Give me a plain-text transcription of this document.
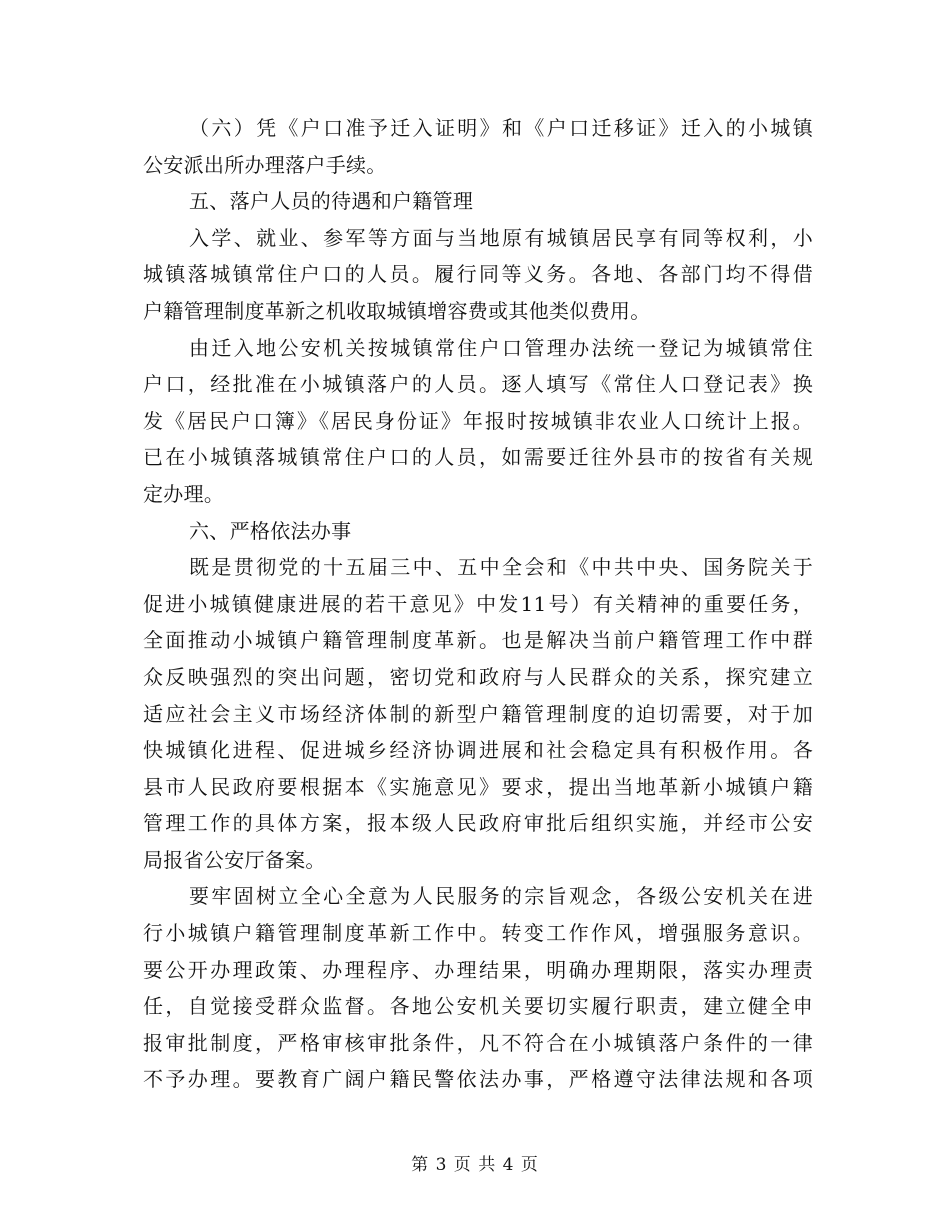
（六）凭《户口准予迁入证明》和《户口迁移证》迁入的小城镇
公安派出所办理落户手续。
五、落户人员的待遇和户籍管理
入学、就业、参军等方面与当地原有城镇居民享有同等权利，小
城镇落城镇常住户口的人员。履行同等义务。各地、各部门均不得借
户籍管理制度革新之机收取城镇增容费或其他类似费用。
由迁入地公安机关按城镇常住户口管理办法统一登记为城镇常住
户口，经批准在小城镇落户的人员。逐人填写《常住人口登记表》换
发《居民户口簿》《居民身份证》年报时按城镇非农业人口统计上报。
已在小城镇落城镇常住户口的人员，如需要迁往外县市的按省有关规
定办理。
六、严格依法办事
既是贯彻党的十五届三中、五中全会和《中共中央、国务院关于
促进小城镇健康进展的若干意见》中发11号）有关精神的重要任务，
全面推动小城镇户籍管理制度革新。也是解决当前户籍管理工作中群
众反映强烈的突出问题，密切党和政府与人民群众的关系，探究建立
适应社会主义市场经济体制的新型户籍管理制度的迫切需要，对于加
快城镇化进程、促进城乡经济协调进展和社会稳定具有积极作用。各
县市人民政府要根据本《实施意见》要求，提出当地革新小城镇户籍
管理工作的具体方案，报本级人民政府审批后组织实施，并经市公安
局报省公安厅备案。
要牢固树立全心全意为人民服务的宗旨观念，各级公安机关在进
行小城镇户籍管理制度革新工作中。转变工作作风，增强服务意识。
要公开办理政策、办理程序、办理结果，明确办理期限，落实办理责
任，自觉接受群众监督。各地公安机关要切实履行职责，建立健全申
报审批制度，严格审核审批条件，凡不符合在小城镇落户条件的一律
不予办理。要教育广阔户籍民警依法办事，严格遵守法律法规和各项
第 3 页 共 4 页
